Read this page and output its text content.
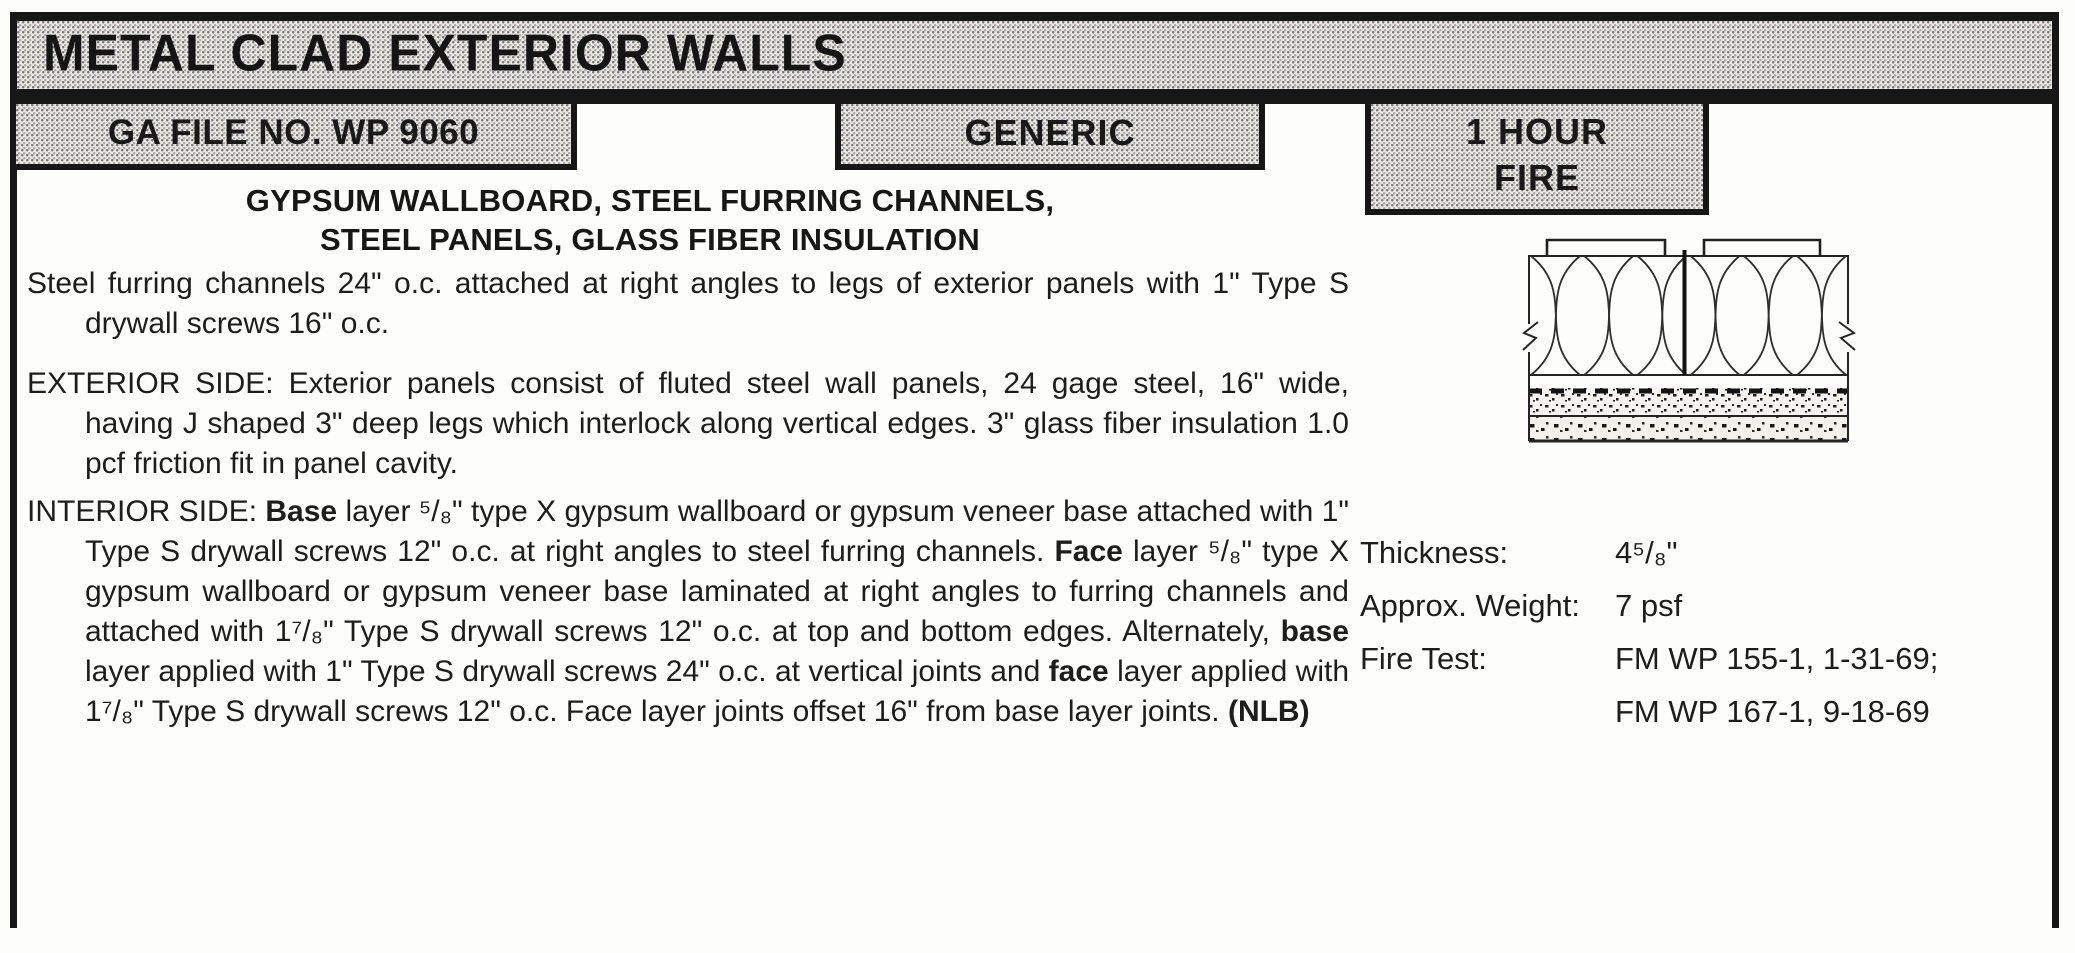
METAL CLAD EXTERIOR WALLS
GA FILE NO. WP 9060	GENERIC	1 HOUR
FIRE
GYPSUM WALLBOARD, STEEL FURRING CHANNELS,
STEEL PANELS, GLASS FIBER INSULATION

Steel furring channels 24" o.c. attached at right angles to legs of exterior panels with 1" Type S drywall screws 16" o.c.

EXTERIOR SIDE: Exterior panels consist of fluted steel wall panels, 24 gage steel, 16" wide, having J shaped 3" deep legs which interlock along vertical edges. 3" glass fiber insulation 1.0 pcf friction fit in panel cavity.

INTERIOR SIDE: Base layer ⁵/₈" type X gypsum wallboard or gypsum veneer base attached with 1" Type S drywall screws 12" o.c. at right angles to steel furring channels. Face layer ⁵/₈" type X gypsum wallboard or gypsum veneer base laminated at right angles to furring channels and attached with 1⁷/₈" Type S drywall screws 12" o.c. at top and bottom edges. Alternately, base layer applied with 1" Type S drywall screws 24" o.c. at vertical joints and face layer applied with 1⁷/₈" Type S drywall screws 12" o.c. Face layer joints offset 16" from base layer joints. (NLB)

Thickness:	4⁵/₈"
Approx. Weight:	7 psf
Fire Test:	FM WP 155-1, 1-31-69;
FM WP 167-1, 9-18-69
